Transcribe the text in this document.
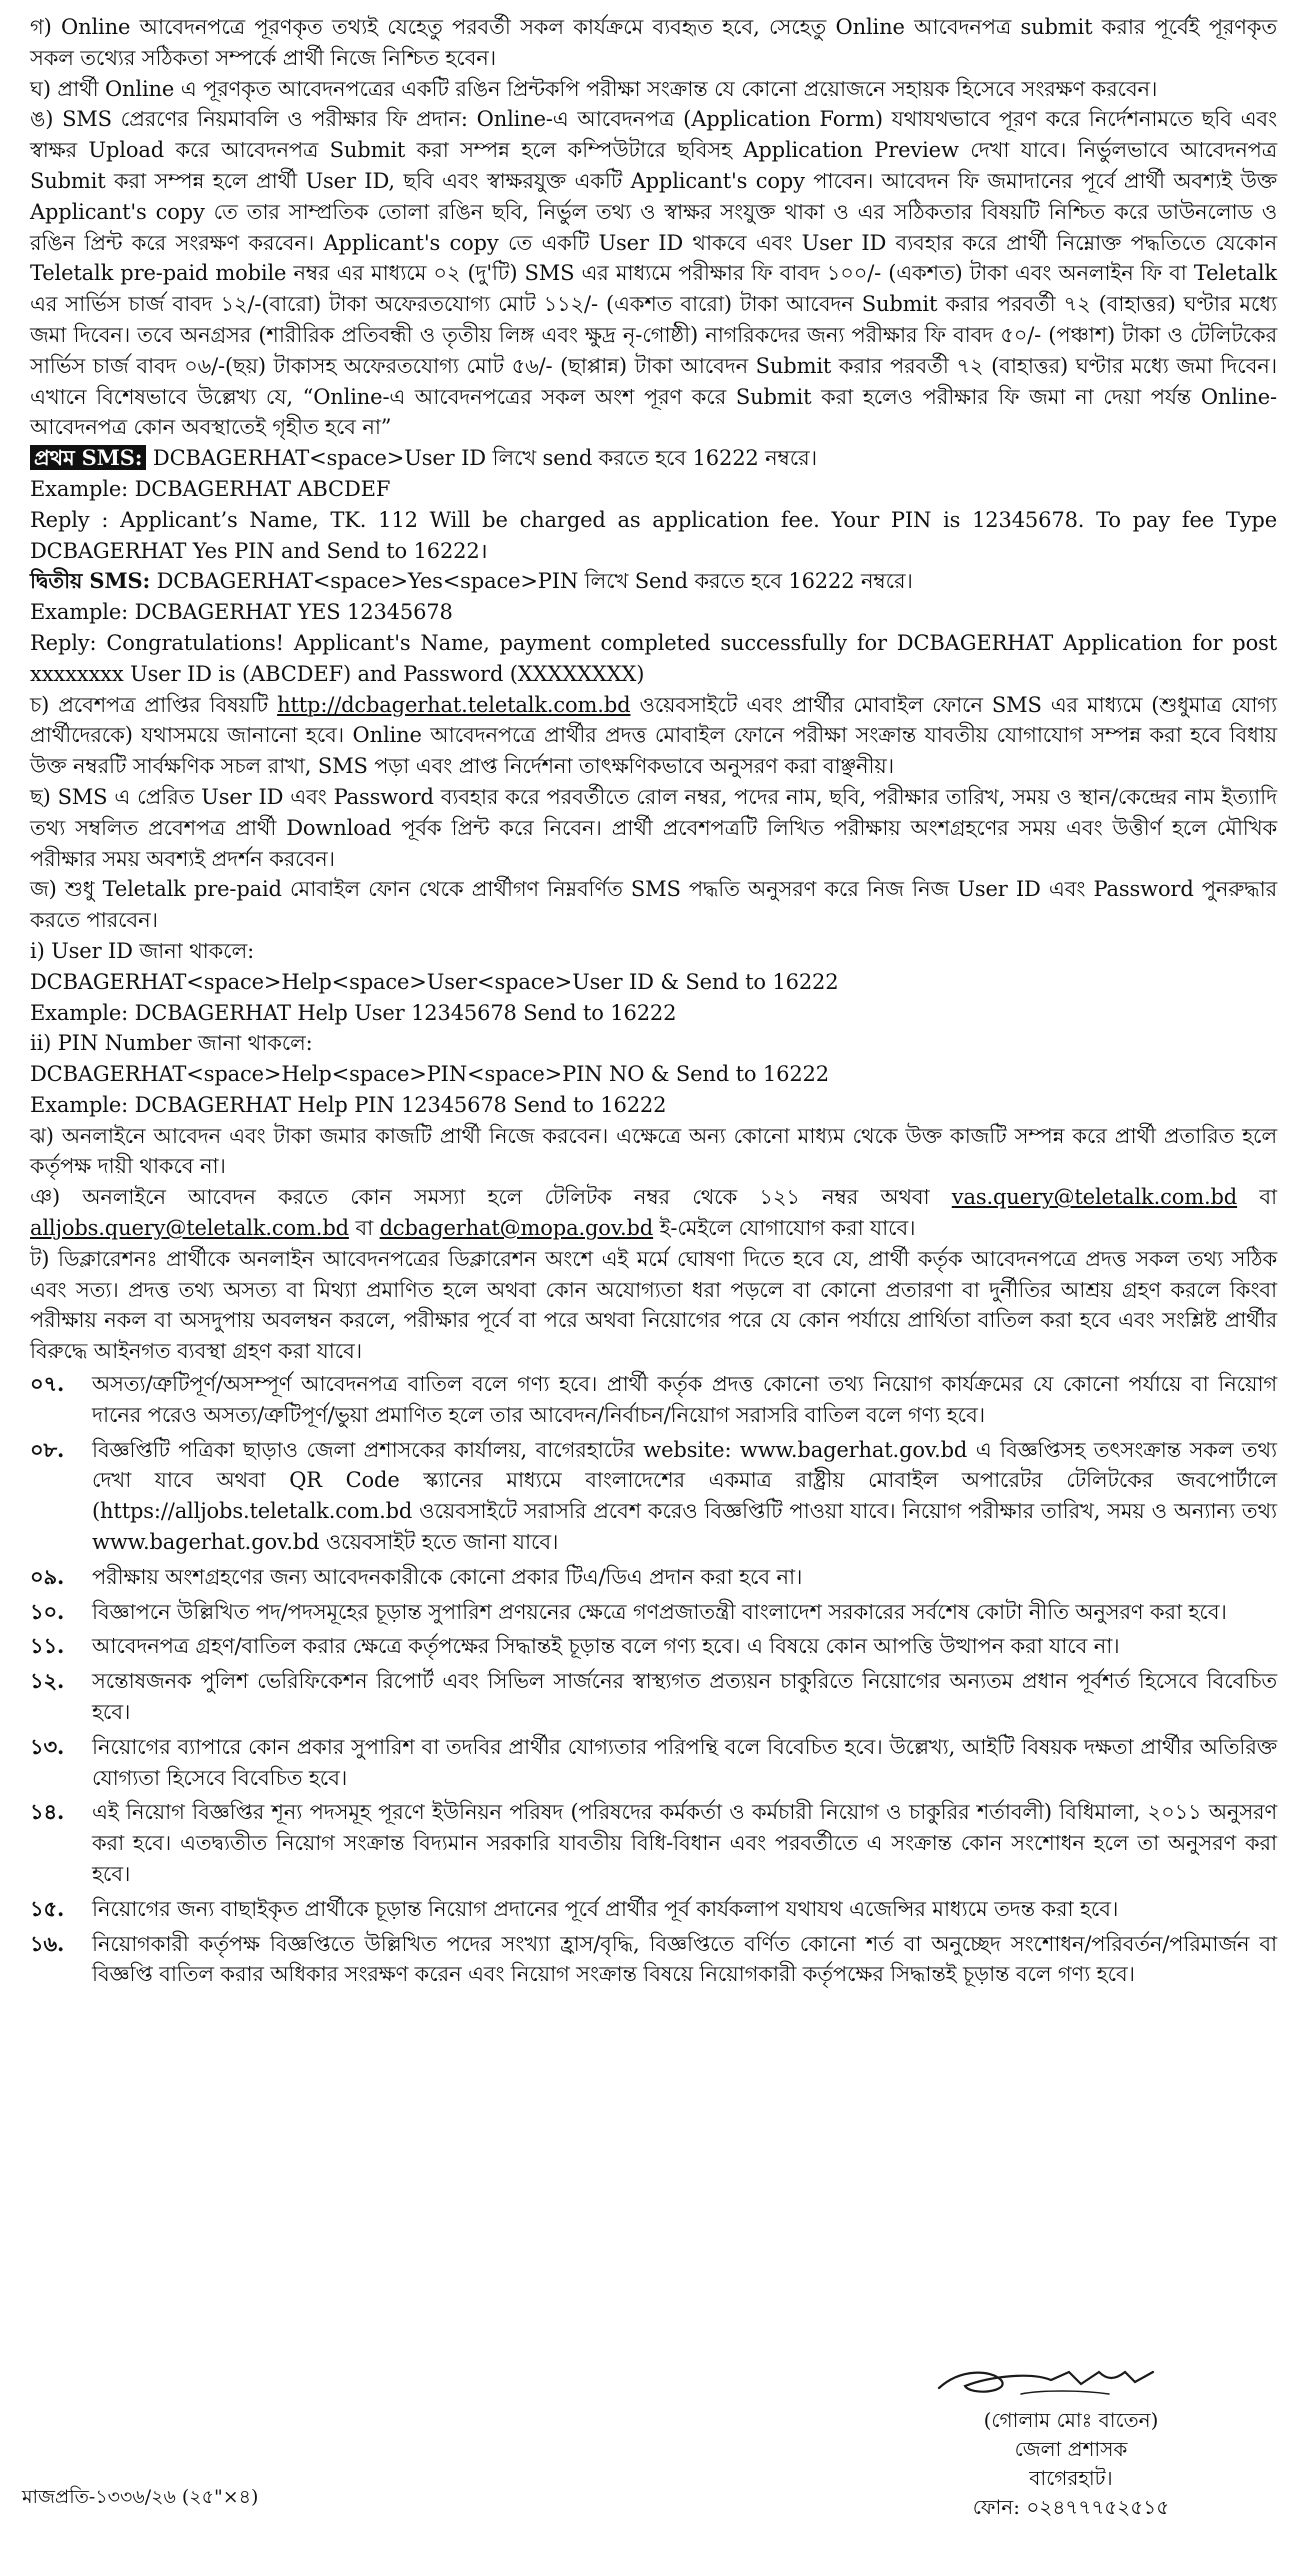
গ) Online আবেদনপত্রে পূরণকৃত তথ্যই যেহেতু পরবর্তী সকল কার্যক্রমে ব্যবহৃত হবে, সেহেতু Online আবেদনপত্র submit করার পূর্বেই পূরণকৃত সকল তথ্যের সঠিকতা সম্পর্কে প্রার্থী নিজে নিশ্চিত হবেন।

ঘ) প্রার্থী Online এ পূরণকৃত আবেদনপত্রের একটি রঙিন প্রিন্টকপি পরীক্ষা সংক্রান্ত যে কোনো প্রয়োজনে সহায়ক হিসেবে সংরক্ষণ করবেন।

ঙ) SMS প্রেরণের নিয়মাবলি ও পরীক্ষার ফি প্রদান: Online-এ আবেদনপত্র (Application Form) যথাযথভাবে পূরণ করে নির্দেশনামতে ছবি এবং স্বাক্ষর Upload করে আবেদনপত্র Submit করা সম্পন্ন হলে কম্পিউটারে ছবিসহ Application Preview দেখা যাবে। নির্ভুলভাবে আবেদনপত্র Submit করা সম্পন্ন হলে প্রার্থী User ID, ছবি এবং স্বাক্ষরযুক্ত একটি Applicant's copy পাবেন। আবেদন ফি জমাদানের পূর্বে প্রার্থী অবশ্যই উক্ত Applicant's copy তে তার সাম্প্রতিক তোলা রঙিন ছবি, নির্ভুল তথ্য ও স্বাক্ষর সংযুক্ত থাকা ও এর সঠিকতার বিষয়টি নিশ্চিত করে ডাউনলোড ও রঙিন প্রিন্ট করে সংরক্ষণ করবেন। Applicant's copy তে একটি User ID থাকবে এবং User ID ব্যবহার করে প্রার্থী নিম্নোক্ত পদ্ধতিতে যেকোন Teletalk pre-paid mobile নম্বর এর মাধ্যমে ০২ (দু'টি) SMS এর মাধ্যমে পরীক্ষার ফি বাবদ ১০০/- (একশত) টাকা এবং অনলাইন ফি বা Teletalk এর সার্ভিস চার্জ বাবদ ১২/-(বারো) টাকা অফেরতযোগ্য মোট ১১২/- (একশত বারো) টাকা আবেদন Submit করার পরবর্তী ৭২ (বাহাত্তর) ঘণ্টার মধ্যে জমা দিবেন। তবে অনগ্রসর (শারীরিক প্রতিবন্ধী ও তৃতীয় লিঙ্গ এবং ক্ষুদ্র নৃ-গোষ্ঠী) নাগরিকদের জন্য পরীক্ষার ফি বাবদ ৫০/- (পঞ্চাশ) টাকা ও টেলিটকের সার্ভিস চার্জ বাবদ ০৬/-(ছয়) টাকাসহ অফেরতযোগ্য মোট ৫৬/- (ছাপ্পান্ন) টাকা আবেদন Submit করার পরবর্তী ৭২ (বাহাত্তর) ঘণ্টার মধ্যে জমা দিবেন। এখানে বিশেষভাবে উল্লেখ্য যে, “Online-এ আবেদনপত্রের সকল অংশ পূরণ করে Submit করা হলেও পরীক্ষার ফি জমা না দেয়া পর্যন্ত Online-আবেদনপত্র কোন অবস্থাতেই গৃহীত হবে না”

প্রথম SMS: DCBAGERHAT<space>User ID লিখে send করতে হবে 16222 নম্বরে।

Example: DCBAGERHAT ABCDEF

Reply : Applicant’s Name, TK. 112 Will be charged as application fee. Your PIN is 12345678. To pay fee Type DCBAGERHAT Yes PIN and Send to 16222।

দ্বিতীয় SMS: DCBAGERHAT<space>Yes<space>PIN লিখে Send করতে হবে 16222 নম্বরে।

Example: DCBAGERHAT YES 12345678

Reply: Congratulations! Applicant's Name, payment completed successfully for DCBAGERHAT Application for post xxxxxxxx User ID is (ABCDEF) and Password (XXXXXXXX)

চ) প্রবেশপত্র প্রাপ্তির বিষয়টি http://dcbagerhat.teletalk.com.bd ওয়েবসাইটে এবং প্রার্থীর মোবাইল ফোনে SMS এর মাধ্যমে (শুধুমাত্র যোগ্য প্রার্থীদেরকে) যথাসময়ে জানানো হবে। Online আবেদনপত্রে প্রার্থীর প্রদত্ত মোবাইল ফোনে পরীক্ষা সংক্রান্ত যাবতীয় যোগাযোগ সম্পন্ন করা হবে বিধায় উক্ত নম্বরটি সার্বক্ষণিক সচল রাখা, SMS পড়া এবং প্রাপ্ত নির্দেশনা তাৎক্ষণিকভাবে অনুসরণ করা বাঞ্ছনীয়।

ছ) SMS এ প্রেরিত User ID এবং Password ব্যবহার করে পরবর্তীতে রোল নম্বর, পদের নাম, ছবি, পরীক্ষার তারিখ, সময় ও স্থান/কেন্দ্রের নাম ইত্যাদি তথ্য সম্বলিত প্রবেশপত্র প্রার্থী Download পূর্বক প্রিন্ট করে নিবেন। প্রার্থী প্রবেশপত্রটি লিখিত পরীক্ষায় অংশগ্রহণের সময় এবং উত্তীর্ণ হলে মৌখিক পরীক্ষার সময় অবশ্যই প্রদর্শন করবেন।

জ) শুধু Teletalk pre-paid মোবাইল ফোন থেকে প্রার্থীগণ নিম্নবর্ণিত SMS পদ্ধতি অনুসরণ করে নিজ নিজ User ID এবং Password পুনরুদ্ধার করতে পারবেন।

i) User ID জানা থাকলে:

DCBAGERHAT<space>Help<space>User<space>User ID & Send to 16222

Example: DCBAGERHAT Help User 12345678 Send to 16222

ii) PIN Number জানা থাকলে:

DCBAGERHAT<space>Help<space>PIN<space>PIN NO & Send to 16222

Example: DCBAGERHAT Help PIN 12345678 Send to 16222

ঝ) অনলাইনে আবেদন এবং টাকা জমার কাজটি প্রার্থী নিজে করবেন। এক্ষেত্রে অন্য কোনো মাধ্যম থেকে উক্ত কাজটি সম্পন্ন করে প্রার্থী প্রতারিত হলে কর্তৃপক্ষ দায়ী থাকবে না।

ঞ) অনলাইনে আবেদন করতে কোন সমস্যা হলে টেলিটক নম্বর থেকে ১২১ নম্বর অথবা vas.query@teletalk.com.bd বা alljobs.query@teletalk.com.bd বা dcbagerhat@mopa.gov.bd ই-মেইলে যোগাযোগ করা যাবে।

ট) ডিক্লারেশনঃ প্রার্থীকে অনলাইন আবেদনপত্রের ডিক্লারেশন অংশে এই মর্মে ঘোষণা দিতে হবে যে, প্রার্থী কর্তৃক আবেদনপত্রে প্রদত্ত সকল তথ্য সঠিক এবং সত্য। প্রদত্ত তথ্য অসত্য বা মিথ্যা প্রমাণিত হলে অথবা কোন অযোগ্যতা ধরা পড়লে বা কোনো প্রতারণা বা দুর্নীতির আশ্রয় গ্রহণ করলে কিংবা পরীক্ষায় নকল বা অসদুপায় অবলম্বন করলে, পরীক্ষার পূর্বে বা পরে অথবা নিয়োগের পরে যে কোন পর্যায়ে প্রার্থিতা বাতিল করা হবে এবং সংশ্লিষ্ট প্রার্থীর বিরুদ্ধে আইনগত ব্যবস্থা গ্রহণ করা যাবে।

০৭.	অসত্য/ত্রুটিপূর্ণ/অসম্পূর্ণ আবেদনপত্র বাতিল বলে গণ্য হবে। প্রার্থী কর্তৃক প্রদত্ত কোনো তথ্য নিয়োগ কার্যক্রমের যে কোনো পর্যায়ে বা নিয়োগ দানের পরেও অসত্য/ত্রুটিপূর্ণ/ভুয়া প্রমাণিত হলে তার আবেদন/নির্বাচন/নিয়োগ সরাসরি বাতিল বলে গণ্য হবে।
০৮.	বিজ্ঞপ্তিটি পত্রিকা ছাড়াও জেলা প্রশাসকের কার্যালয়, বাগেরহাটের website: www.bagerhat.gov.bd এ বিজ্ঞপ্তিসহ তৎসংক্রান্ত সকল তথ্য দেখা যাবে অথবা QR Code স্ক্যানের মাধ্যমে বাংলাদেশের একমাত্র রাষ্ট্রীয় মোবাইল অপারেটর টেলিটকের জবপোর্টালে (https://alljobs.teletalk.com.bd ওয়েবসাইটে সরাসরি প্রবেশ করেও বিজ্ঞপ্তিটি পাওয়া যাবে। নিয়োগ পরীক্ষার তারিখ, সময় ও অন্যান্য তথ্য www.bagerhat.gov.bd ওয়েবসাইট হতে জানা যাবে।
০৯.	পরীক্ষায় অংশগ্রহণের জন্য আবেদনকারীকে কোনো প্রকার টিএ/ডিএ প্রদান করা হবে না।
১০.	বিজ্ঞাপনে উল্লিখিত পদ/পদসমূহের চূড়ান্ত সুপারিশ প্রণয়নের ক্ষেত্রে গণপ্রজাতন্ত্রী বাংলাদেশ সরকারের সর্বশেষ কোটা নীতি অনুসরণ করা হবে।
১১.	আবেদনপত্র গ্রহণ/বাতিল করার ক্ষেত্রে কর্তৃপক্ষের সিদ্ধান্তই চূড়ান্ত বলে গণ্য হবে। এ বিষয়ে কোন আপত্তি উত্থাপন করা যাবে না।
১২.	সন্তোষজনক পুলিশ ভেরিফিকেশন রিপোর্ট এবং সিভিল সার্জনের স্বাস্থ্যগত প্রত্যয়ন চাকুরিতে নিয়োগের অন্যতম প্রধান পূর্বশর্ত হিসেবে বিবেচিত হবে।
১৩.	নিয়োগের ব্যাপারে কোন প্রকার সুপারিশ বা তদবির প্রার্থীর যোগ্যতার পরিপন্থি বলে বিবেচিত হবে। উল্লেখ্য, আইটি বিষয়ক দক্ষতা প্রার্থীর অতিরিক্ত যোগ্যতা হিসেবে বিবেচিত হবে।
১৪.	এই নিয়োগ বিজ্ঞপ্তির শূন্য পদসমূহ পূরণে ইউনিয়ন পরিষদ (পরিষদের কর্মকর্তা ও কর্মচারী নিয়োগ ও চাকুরির শর্তাবলী) বিধিমালা, ২০১১ অনুসরণ করা হবে। এতদ্ব্যতীত নিয়োগ সংক্রান্ত বিদ্যমান সরকারি যাবতীয় বিধি-বিধান এবং পরবর্তীতে এ সংক্রান্ত কোন সংশোধন হলে তা অনুসরণ করা হবে।
১৫.	নিয়োগের জন্য বাছাইকৃত প্রার্থীকে চূড়ান্ত নিয়োগ প্রদানের পূর্বে প্রার্থীর পূর্ব কার্যকলাপ যথাযথ এজেন্সির মাধ্যমে তদন্ত করা হবে।
১৬.	নিয়োগকারী কর্তৃপক্ষ বিজ্ঞপ্তিতে উল্লিখিত পদের সংখ্যা হ্রাস/বৃদ্ধি, বিজ্ঞপ্তিতে বর্ণিত কোনো শর্ত বা অনুচ্ছেদ সংশোধন/পরিবর্তন/পরিমার্জন বা বিজ্ঞপ্তি বাতিল করার অধিকার সংরক্ষণ করেন এবং নিয়োগ সংক্রান্ত বিষয়ে নিয়োগকারী কর্তৃপক্ষের সিদ্ধান্তই চূড়ান্ত বলে গণ্য হবে।
(গোলাম মোঃ বাতেন)
জেলা প্রশাসক
বাগেরহাট।
ফোন: ০২৪৭৭৭৫২৫১৫
মাজপ্রতি-১৩৩৬/২৬ (২৫"×৪)
